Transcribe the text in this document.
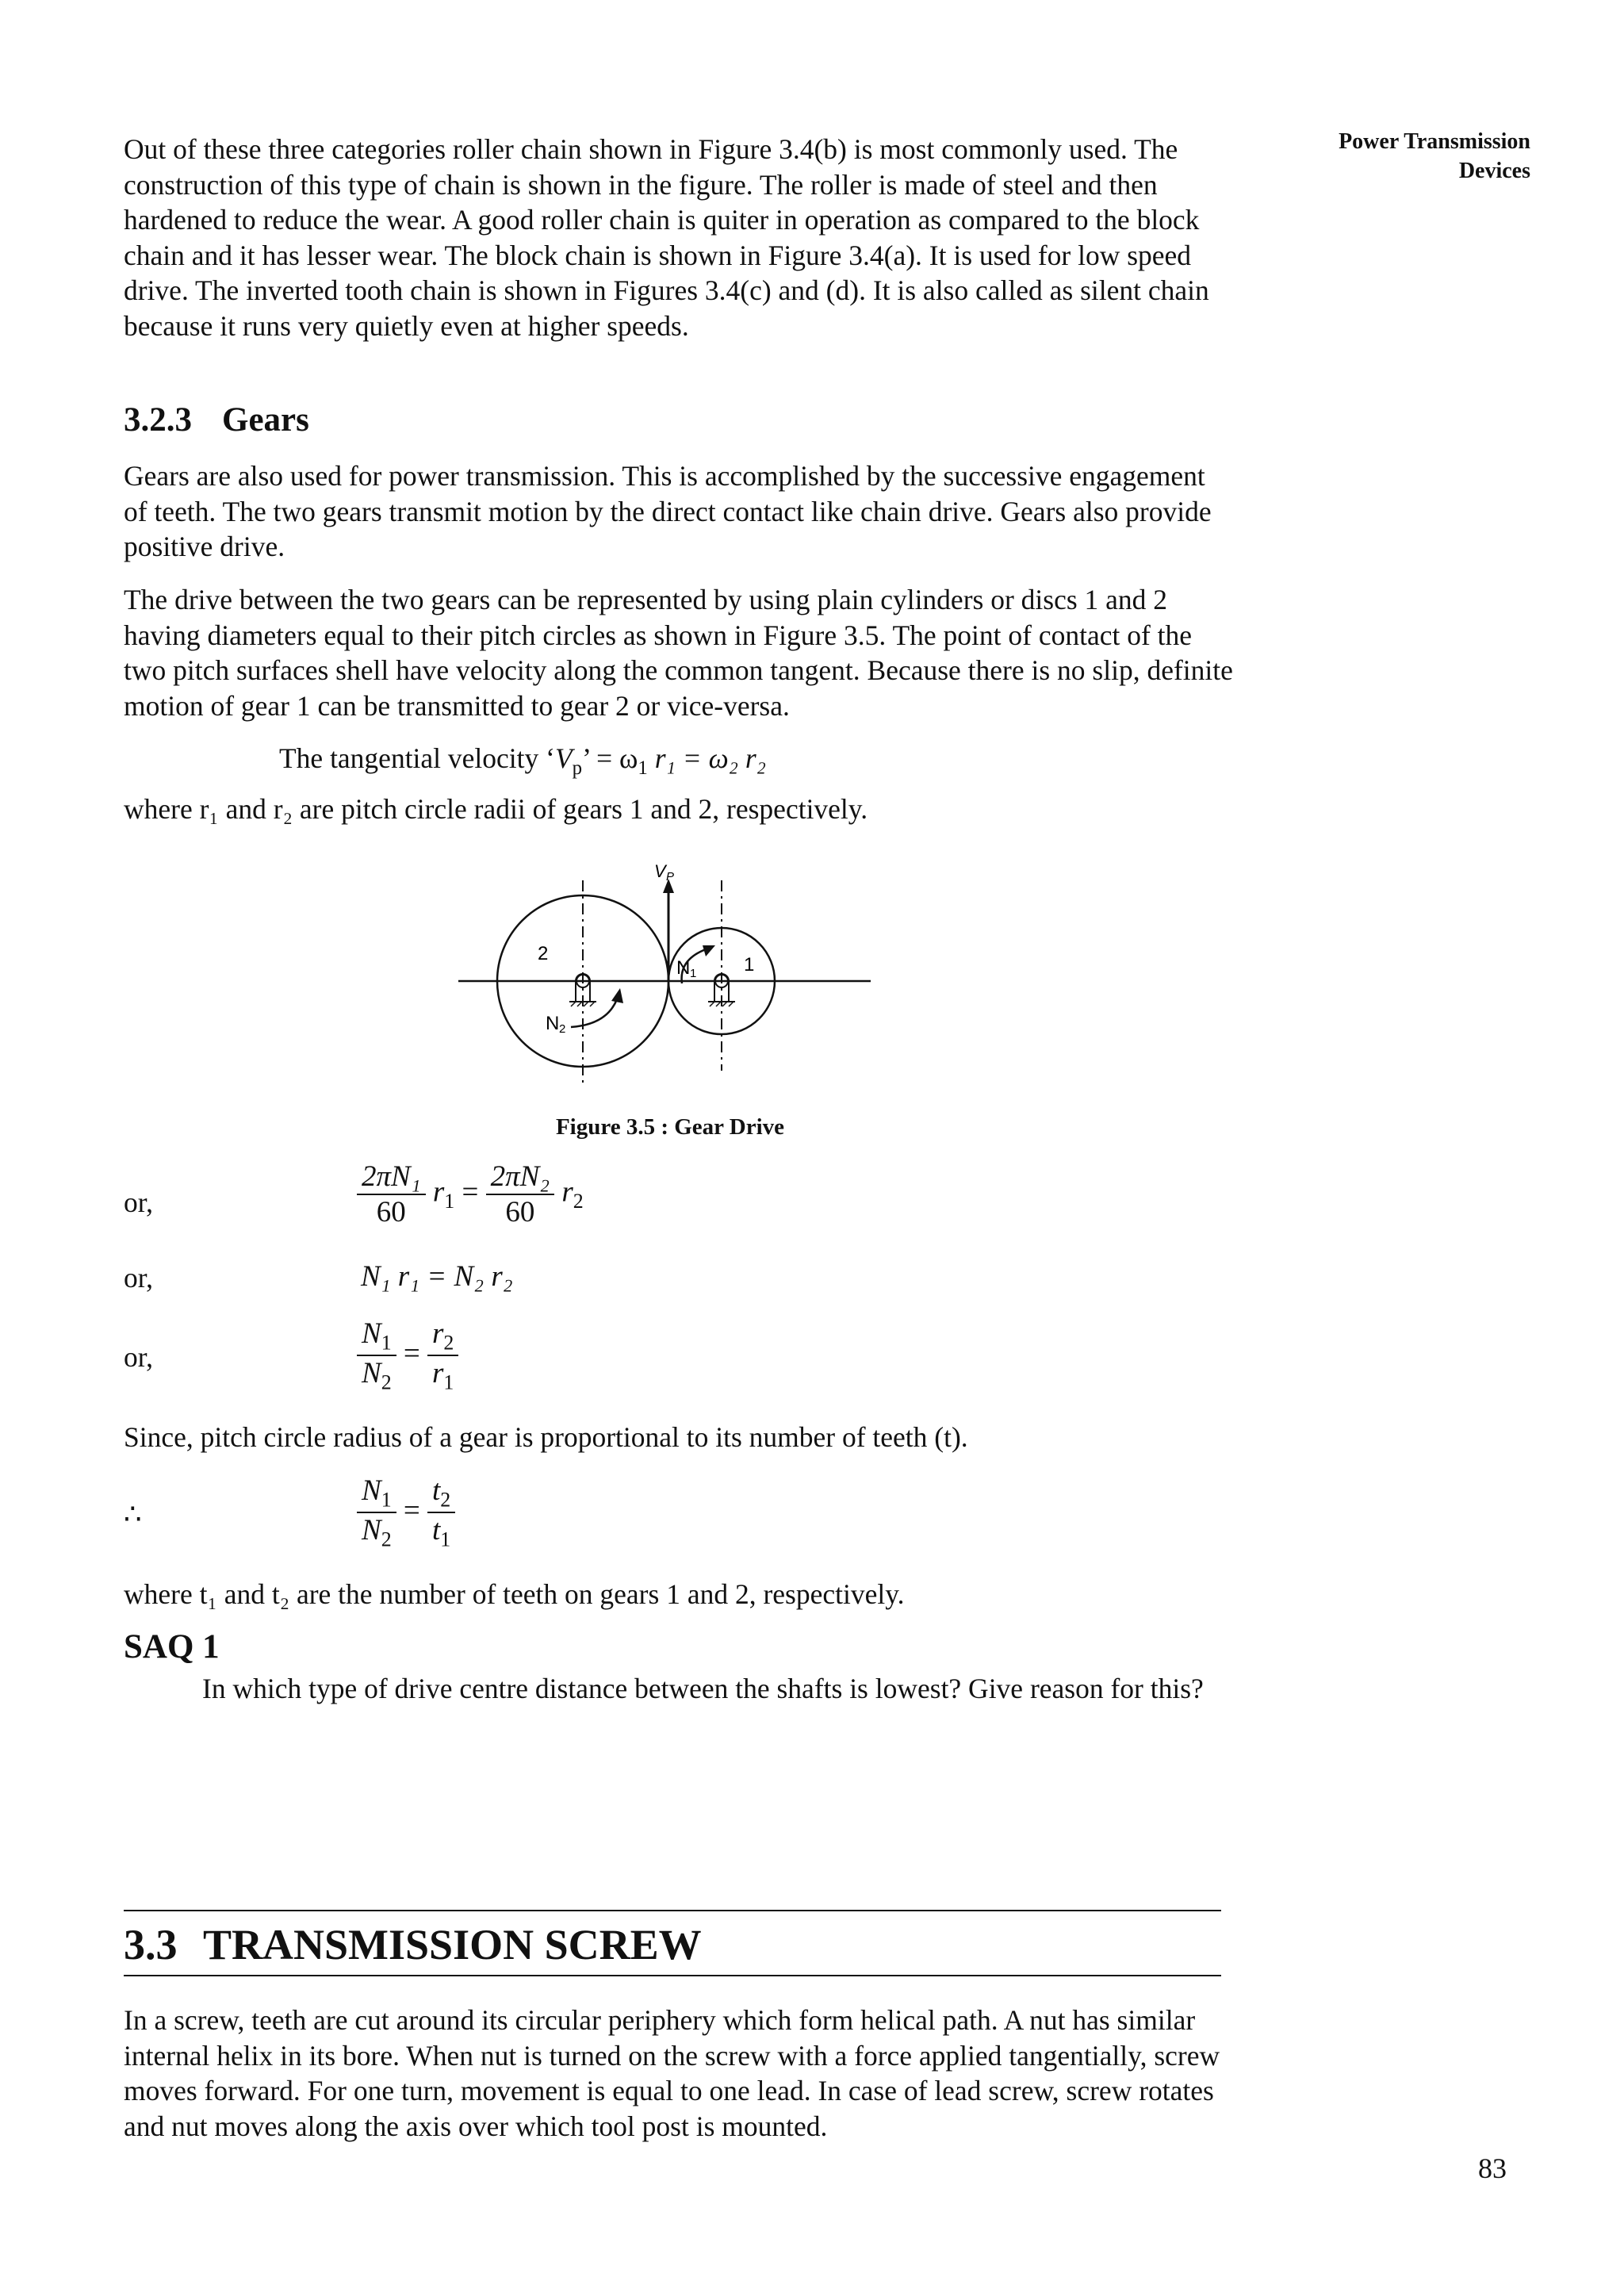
Power Transmission
Devices

Out of these three categories roller chain shown in Figure 3.4(b) is most commonly used. The construction of this type of chain is shown in the figure. The roller is made of steel and then hardened to reduce the wear. A good roller chain is quiter in operation as compared to the block chain and it has lesser wear. The block chain is shown in Figure 3.4(a). It is used for low speed drive. The inverted tooth chain is shown in Figures 3.4(c) and (d). It is also called as silent chain because it runs very quietly even at higher speeds.

3.2.3 Gears

Gears are also used for power transmission. This is accomplished by the successive engagement of teeth. The two gears transmit motion by the direct contact like chain drive. Gears also provide positive drive.

The drive between the two gears can be represented by using plain cylinders or discs 1 and 2 having diameters equal to their pitch circles as shown in Figure 3.5. The point of contact of the two pitch surfaces shell have velocity along the common tangent. Because there is no slip, definite motion of gear 1 can be transmitted to gear 2 or vice-versa.

The tangential velocity ‘$V_p$’ = $\omega_1$ r₁ = ω₂ r₂

where r₁ and r₂ are pitch circle radii of gears 1 and 2, respectively.

V P
2
1
N 1
N 2
Figure 3.5 : Gear Drive
or,	$\frac{\text{2πN₁}}{60} r_1 = \frac{\text{2πN₂}}{60} r_2$
or,	N₁ r₁ = N₂ r₂
or,	$\frac{N_1}{N_2} = \frac{r_2}{r_1}$

Since, pitch circle radius of a gear is proportional to its number of teeth (t).

∴	$\frac{N_1}{N_2} = \frac{t_2}{t_1}$

where t₁ and t₂ are the number of teeth on gears 1 and 2, respectively.

SAQ 1

In which type of drive centre distance between the shafts is lowest? Give reason for this?

3.3 TRANSMISSION SCREW

In a screw, teeth are cut around its circular periphery which form helical path. A nut has similar internal helix in its bore. When nut is turned on the screw with a force applied tangentially, screw moves forward. For one turn, movement is equal to one lead. In case of lead screw, screw rotates and nut moves along the axis over which tool post is mounted.

83
